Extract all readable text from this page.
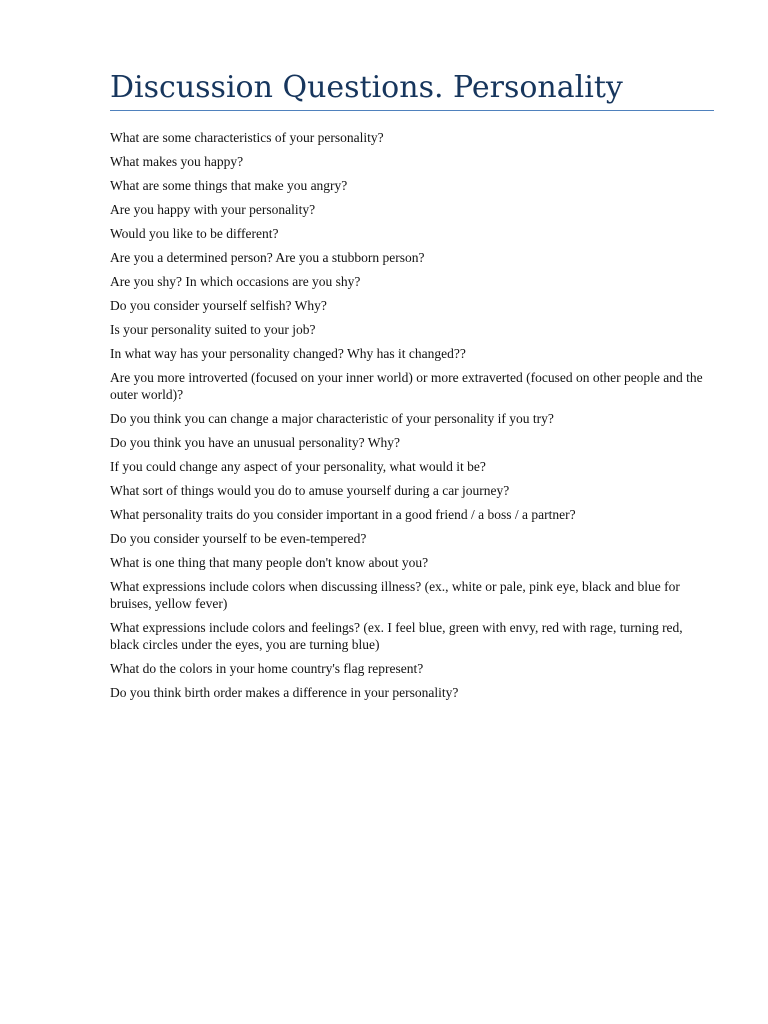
Discussion Questions. Personality
What are some characteristics of your personality?
What makes you happy?
What are some things that make you angry?
Are you happy with your personality?
Would you like to be different?
Are you a determined person? Are you a stubborn person?
Are you shy? In which occasions are you shy?
Do you consider yourself selfish? Why?
Is your personality suited to your job?
In what way has your personality changed? Why has it changed??
Are you more introverted (focused on your inner world) or more extraverted (focused on other people and the outer world)?
Do you think you can change a major characteristic of your personality if you try?
Do you think you have an unusual personality? Why?
If you could change any aspect of your personality, what would it be?
What sort of things would you do to amuse yourself during a car journey?
What personality traits do you consider important in a good friend / a boss / a partner?
Do you consider yourself to be even-tempered?
What is one thing that many people don't know about you?
What expressions include colors when discussing illness? (ex., white or pale, pink eye, black and blue for bruises, yellow fever)
What expressions include colors and feelings? (ex. I feel blue, green with envy, red with rage, turning red, black circles under the eyes, you are turning blue)
What do the colors in your home country's flag represent?
Do you think birth order makes a difference in your personality?
